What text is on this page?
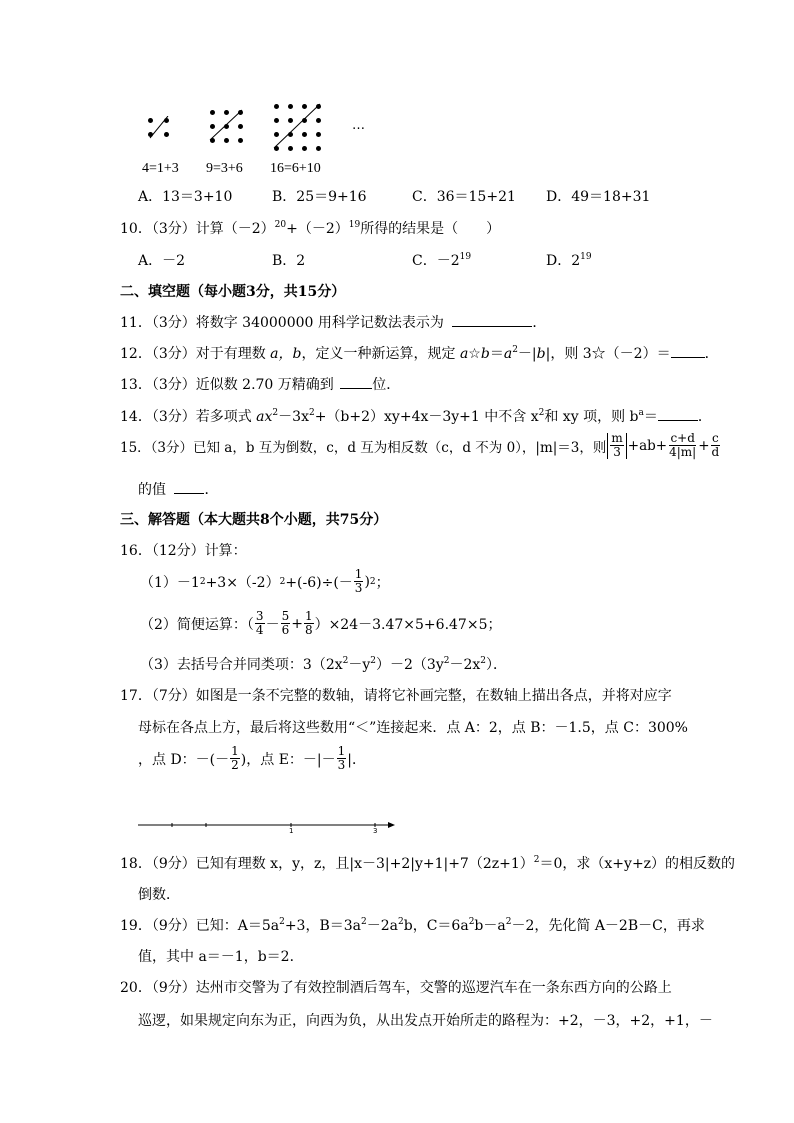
…
4=1+3 9=3+6 16=6+10
A．13＝3+10	B．25＝9+16	C．36＝15+21 D．49＝18+31
10．（3分）计算$(-2)^{20}+(-2)^{19}$所得的结果是（　　）
A．－2	B．2	C．$-2^{19}$	D．$2^{19}$
二、填空题（每小题3分，共15分）
11．（3分）将数字 34000000 用科学记数法表示为	．
12．（3分）对于有理数 a，b，定义一种新运算，规定 $a☆b=a^2-|b|$，则 3☆（－2）＝ ．
13．（3分）近似数 2.70 万精确到	位．
14．（3分）若多项式 $ax^2-3x^2+(b+2)xy+4x-3y+1$ 中不含 $x^2$和 xy 项，则 $b^a=$	．
15．（3分）已知 a，b 互为倒数，c，d 互为相反数（c，d 不为 0），|m|＝3，则 $\frac{m}{3} +ab+ \frac{c+d}{4|m|} + \frac{c}{d}$
的值	．
三、解答题（本大题共8个小题，共75分）
16．（12分）计算：
（1）－1 2 +3×（-2） $2 +(-6)\div(- \frac{1}{3}$ ) 2 ；
（2）简便运算：（ $\frac{3}{4} - \frac{5}{6} + \frac{1}{8} )\times 24-3.47\times 5+6.47\times 5$；
（3）去括号合并同类项：$3(2x^2-y^2)-2(3y^2-2x^2)$．
17．（7分）如图是一条不完整的数轴，请将它补画完整，在数轴上描出各点，并将对应字
母标在各点上方，最后将这些数用“＜”连接起来．点 A：2，点 B：－1.5，点 C：300%
，点 D：－(－ $\frac{1}{2}$ )，点 E：－|－ $\frac{1}{3}$ |．
1	3
18．（9分）已知有理数 x，y，z，且$|x-3|+2|y+1|+7(2z+1)^2=0$，求（x+y+z）的相反数的
倒数．
19．（9分）已知：$A=5a^2+3$，$B=3a^2-2a^2b$，$C=6a^2b-a^2-2$，先化简 A－2B－C，再求
值，其中 a＝－1，b＝2．
20．（9分）达州市交警为了有效控制酒后驾车，交警的巡逻汽车在一条东西方向的公路上
巡逻，如果规定向东为正，向西为负，从出发点开始所走的路程为：+2，－3，+2，+1，－
